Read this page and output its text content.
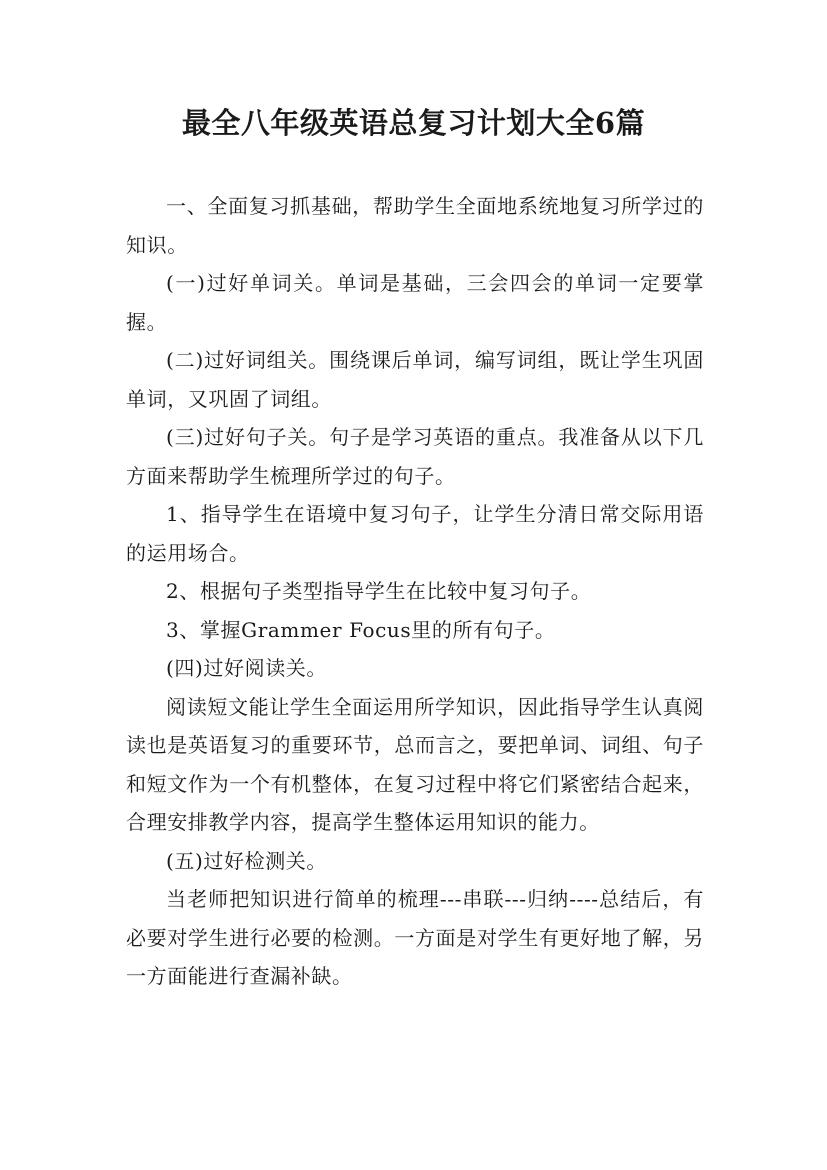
最全八年级英语总复习计划大全6篇

一、全面复习抓基础，帮助学生全面地系统地复习所学过的知识。

(一)过好单词关。单词是基础，三会四会的单词一定要掌握。

(二)过好词组关。围绕课后单词，编写词组，既让学生巩固单词，又巩固了词组。

(三)过好句子关。句子是学习英语的重点。我准备从以下几方面来帮助学生梳理所学过的句子。

1、指导学生在语境中复习句子，让学生分清日常交际用语的运用场合。

2、根据句子类型指导学生在比较中复习句子。

3、掌握Grammer Focus里的所有句子。

(四)过好阅读关。

阅读短文能让学生全面运用所学知识，因此指导学生认真阅读也是英语复习的重要环节，总而言之，要把单词、词组、句子和短文作为一个有机整体，在复习过程中将它们紧密结合起来，合理安排教学内容，提高学生整体运用知识的能力。

(五)过好检测关。

当老师把知识进行简单的梳理---串联---归纳----总结后，有必要对学生进行必要的检测。一方面是对学生有更好地了解，另一方面能进行查漏补缺。
